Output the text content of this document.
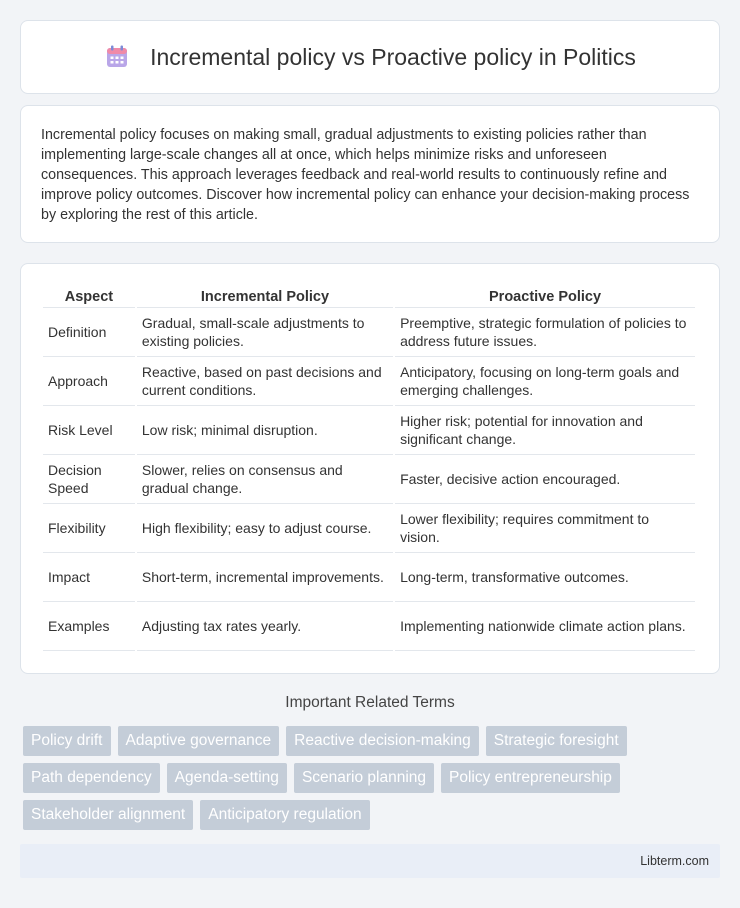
Incremental policy vs Proactive policy in Politics

Incremental policy focuses on making small, gradual adjustments to existing policies rather than implementing large-scale changes all at once, which helps minimize risks and unforeseen consequences. This approach leverages feedback and real-world results to continuously refine and improve policy outcomes. Discover how incremental policy can enhance your decision-making process by exploring the rest of this article.

Aspect	Incremental Policy	Proactive Policy
Definition	Gradual, small-scale adjustments to existing policies.	Preemptive, strategic formulation of policies to address future issues.
Approach	Reactive, based on past decisions and current conditions.	Anticipatory, focusing on long-term goals and emerging challenges.
Risk Level	Low risk; minimal disruption.	Higher risk; potential for innovation and significant change.
Decision Speed	Slower, relies on consensus and gradual change.	Faster, decisive action encouraged.
Flexibility	High flexibility; easy to adjust course.	Lower flexibility; requires commitment to vision.
Impact	Short-term, incremental improvements.	Long-term, transformative outcomes.
Examples	Adjusting tax rates yearly.	Implementing nationwide climate action plans.
Important Related Terms
Policy drift	Adaptive governance	Reactive decision-making	Strategic foresight
Path dependency	Agenda-setting	Scenario planning	Policy entrepreneurship
Stakeholder alignment	Anticipatory regulation
Libterm.com
